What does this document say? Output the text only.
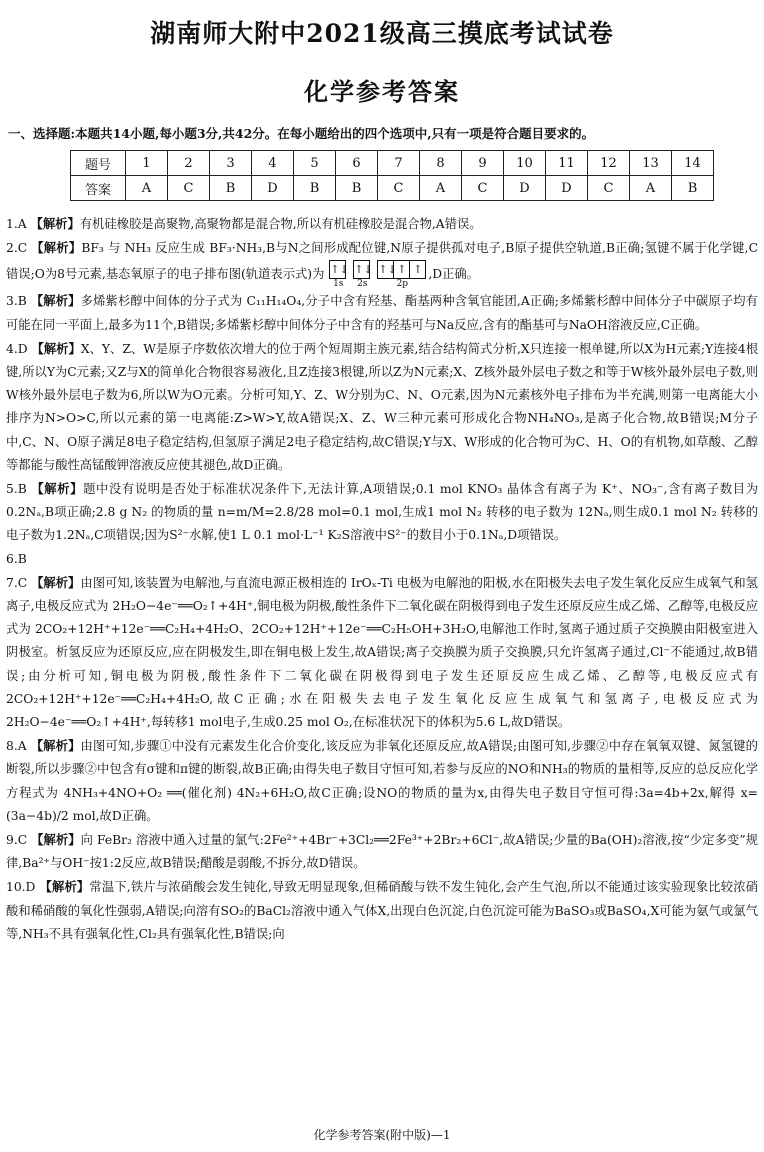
湖南师大附中2021级高三摸底考试试卷
化学参考答案
一、选择题:本题共14小题,每小题3分,共42分。在每小题给出的四个选项中,只有一项是符合题目要求的。
题号	1	2	3	4	5	6	7	8	9	10	11	12	13	14
答案	A	C	B	D	B	B	C	A	C	D	D	C	A	B

1.A 【解析】有机硅橡胶是高聚物,高聚物都是混合物,所以有机硅橡胶是混合物,A错误。

2.C 【解析】BF₃ 与 NH₃ 反应生成 BF₃·NH₃,B与N之间形成配位键,N原子提供孤对电子,B原子提供空轨道,B正确;氢键不属于化学键,C错误;O为8号元素,基态氧原子的电子排布图(轨道表示式)为 ↑↓
1s
↑↓
2s
↑↓ ↑ ↑
2p
,D正确。

3.B 【解析】多烯紫杉醇中间体的分子式为 C₁₁H₁₄O₄,分子中含有羟基、酯基两种含氧官能团,A正确;多烯紫杉醇中间体分子中碳原子均有可能在同一平面上,最多为11个,B错误;多烯紫杉醇中间体分子中含有的羟基可与Na反应,含有的酯基可与NaOH溶液反应,C正确。

4.D 【解析】X、Y、Z、W是原子序数依次增大的位于两个短周期主族元素,结合结构简式分析,X只连接一根单键,所以X为H元素;Y连接4根键,所以Y为C元素;又Z与X的简单化合物很容易液化,且Z连接3根键,所以Z为N元素;X、Z核外最外层电子数之和等于W核外最外层电子数,则W核外最外层电子数为6,所以W为O元素。分析可知,Y、Z、W分别为C、N、O元素,因为N元素核外电子排布为半充满,则第一电离能大小排序为N>O>C,所以元素的第一电离能:Z>W>Y,故A错误;X、Z、W三种元素可形成化合物NH₄NO₃,是离子化合物,故B错误;M分子中,C、N、O原子满足8电子稳定结构,但氢原子满足2电子稳定结构,故C错误;Y与X、W形成的化合物可为C、H、O的有机物,如草酸、乙醇等都能与酸性高锰酸钾溶液反应使其褪色,故D正确。

5.B 【解析】题中没有说明是否处于标准状况条件下,无法计算,A项错误;0.1 mol KNO₃ 晶体含有离子为 K⁺、NO₃⁻,含有离子数目为 0.2Nₐ,B项正确;2.8 g N₂ 的物质的量 n=m/M=2.8/28 mol=0.1 mol,生成1 mol N₂ 转移的电子数为 12Nₐ,则生成0.1 mol N₂ 转移的电子数为1.2Nₐ,C项错误;因为S²⁻水解,使1 L 0.1 mol·L⁻¹ K₂S溶液中S²⁻的数目小于0.1Nₐ,D项错误。

6.B

7.C 【解析】由图可知,该装置为电解池,与直流电源正极相连的 IrOₓ-Ti 电极为电解池的阳极,水在阳极失去电子发生氧化反应生成氧气和氢离子,电极反应式为 2H₂O−4e⁻══O₂↑+4H⁺,铜电极为阴极,酸性条件下二氧化碳在阴极得到电子发生还原反应生成乙烯、乙醇等,电极反应式为 2CO₂+12H⁺+12e⁻══C₂H₄+4H₂O、2CO₂+12H⁺+12e⁻══C₂H₅OH+3H₂O,电解池工作时,氢离子通过质子交换膜由阳极室进入阴极室。析氢反应为还原反应,应在阴极发生,即在铜电极上发生,故A错误;离子交换膜为质子交换膜,只允许氢离子通过,Cl⁻不能通过,故B错误;由分析可知,铜电极为阴极,酸性条件下二氧化碳在阴极得到电子发生还原反应生成乙烯、乙醇等,电极反应式有 2CO₂+12H⁺+12e⁻══C₂H₄+4H₂O,故C正确;水在阳极失去电子发生氧化反应生成氧气和氢离子,电极反应式为 2H₂O−4e⁻══O₂↑+4H⁺,每转移1 mol电子,生成0.25 mol O₂,在标准状况下的体积为5.6 L,故D错误。

8.A 【解析】由图可知,步骤①中没有元素发生化合价变化,该反应为非氧化还原反应,故A错误;由图可知,步骤②中存在氧氧双键、氮氢键的断裂,所以步骤②中包含有σ键和π键的断裂,故B正确;由得失电子数目守恒可知,若参与反应的NO和NH₃的物质的量相等,反应的总反应化学方程式为 4NH₃+4NO+O₂ ══(催化剂) 4N₂+6H₂O,故C正确;设NO的物质的量为x,由得失电子数目守恒可得:3a=4b+2x,解得 x=(3a−4b)/2 mol,故D正确。

9.C 【解析】向 FeBr₂ 溶液中通入过量的氯气:2Fe²⁺+4Br⁻+3Cl₂══2Fe³⁺+2Br₂+6Cl⁻,故A错误;少量的Ba(OH)₂溶液,按“少定多变”规律,Ba²⁺与OH⁻按1:2反应,故B错误;醋酸是弱酸,不拆分,故D错误。

10.D 【解析】常温下,铁片与浓硝酸会发生钝化,导致无明显现象,但稀硝酸与铁不发生钝化,会产生气泡,所以不能通过该实验现象比较浓硝酸和稀硝酸的氧化性强弱,A错误;向溶有SO₂的BaCl₂溶液中通入气体X,出现白色沉淀,白色沉淀可能为BaSO₃或BaSO₄,X可能为氨气或氯气等,NH₃不具有强氧化性,Cl₂具有强氧化性,B错误;向

化学参考答案(附中版)—1
